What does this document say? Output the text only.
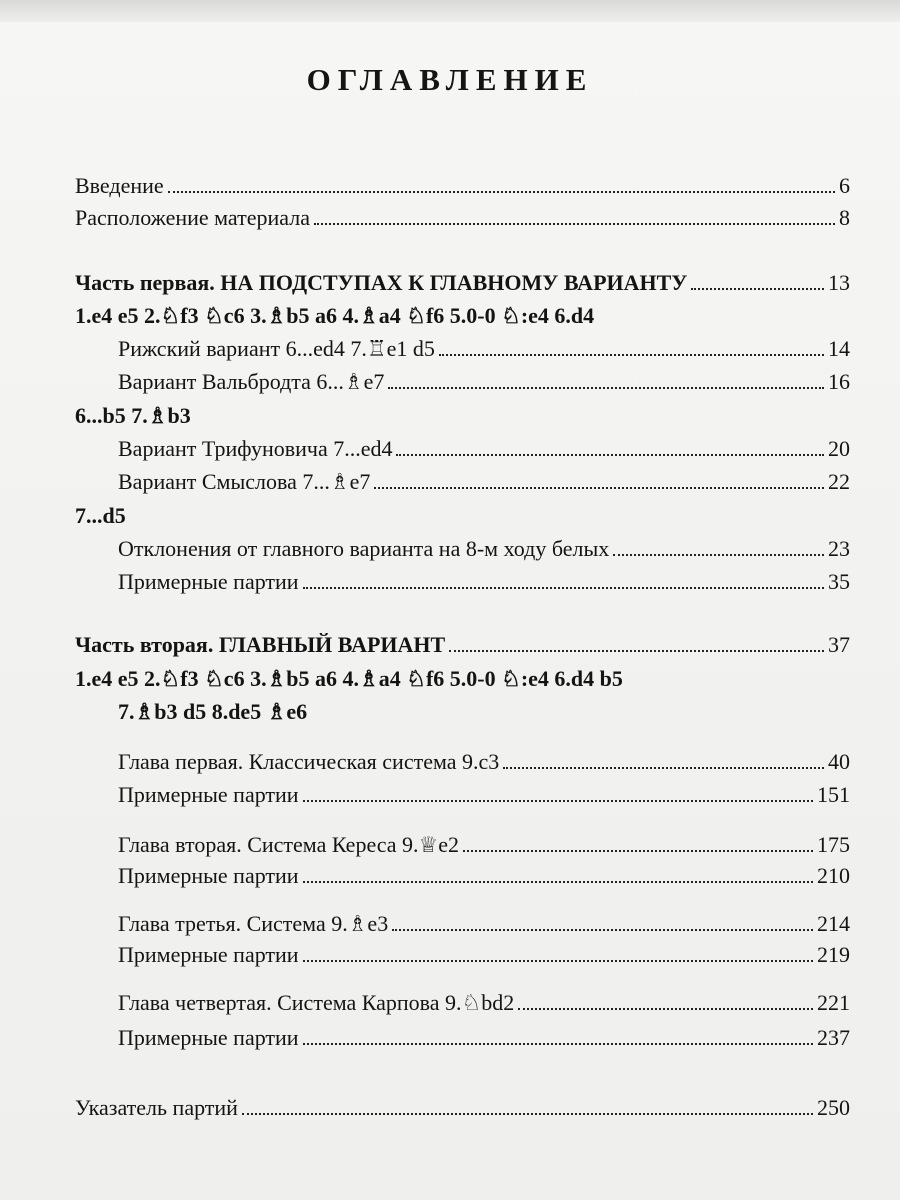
ОГЛАВЛЕНИЕ
Введение	6
Расположение материала	8
Часть первая. НА ПОДСТУПАХ К ГЛАВНОМУ ВАРИАНТУ	13
1.e4 e5 2.♘f3 ♘c6 3.♗b5 a6 4.♗a4 ♘f6 5.0-0 ♘:e4 6.d4
Рижский вариант 6...ed4 7.♖e1 d5	14
Вариант Вальбродта 6...♗e7	16
6...b5 7.♗b3
Вариант Трифуновича 7...ed4	20
Вариант Смыслова 7...♗e7	22
7...d5
Отклонения от главного варианта на 8-м ходу белых	23
Примерные партии	35
Часть вторая. ГЛАВНЫЙ ВАРИАНТ	37
1.e4 e5 2.♘f3 ♘c6 3.♗b5 a6 4.♗a4 ♘f6 5.0-0 ♘:e4 6.d4 b5
7.♗b3 d5 8.de5 ♗e6
Глава первая. Классическая система 9.c3	40
Примерные партии	151
Глава вторая. Система Кереса 9.♕e2	175
Примерные партии	210
Глава третья. Система 9.♗e3	214
Примерные партии	219
Глава четвертая. Система Карпова 9.♘bd2	221
Примерные партии	237
Указатель партий	250
